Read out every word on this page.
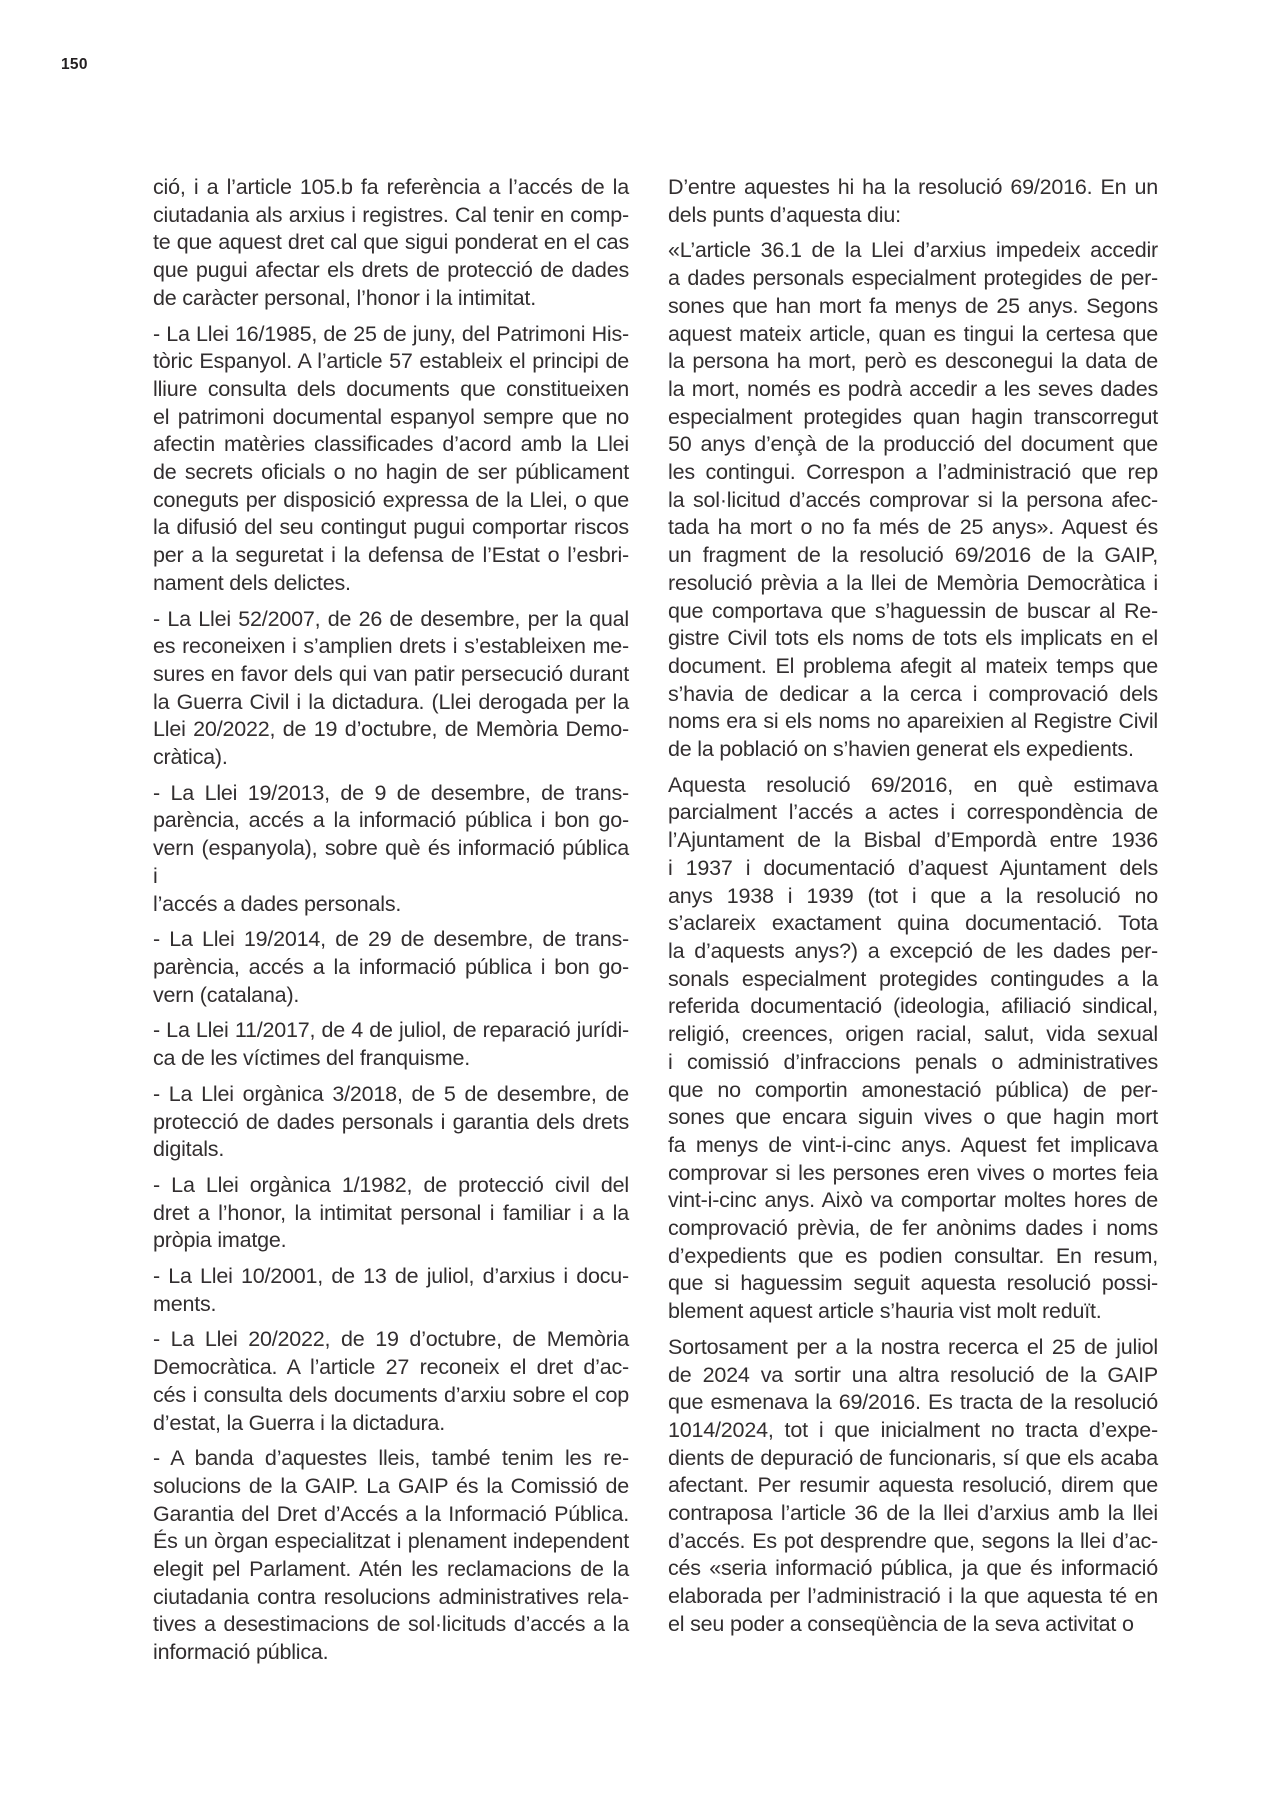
150
ció, i a l’article 105.b fa referència a l’accés de la
ciutadania als arxius i registres. Cal tenir en comp-
te que aquest dret cal que sigui ponderat en el cas
que pugui afectar els drets de protecció de dades
de caràcter personal, l’honor i la intimitat.
- La Llei 16/1985, de 25 de juny, del Patrimoni His-
tòric Espanyol. A l’article 57 estableix el principi de
lliure consulta dels documents que constitueixen
el patrimoni documental espanyol sempre que no
afectin matèries classificades d’acord amb la Llei
de secrets oficials o no hagin de ser públicament
coneguts per disposició expressa de la Llei, o que
la difusió del seu contingut pugui comportar riscos
per a la seguretat i la defensa de l’Estat o l’esbri-
nament dels delictes.
- La Llei 52/2007, de 26 de desembre, per la qual
es reconeixen i s’amplien drets i s’estableixen me-
sures en favor dels qui van patir persecució durant
la Guerra Civil i la dictadura. (Llei derogada per la
Llei 20/2022, de 19 d’octubre, de Memòria Demo-
cràtica).
- La Llei 19/2013, de 9 de desembre, de trans-
parència, accés a la informació pública i bon go-
vern (espanyola), sobre què és informació pública i
l’accés a dades personals.
- La Llei 19/2014, de 29 de desembre, de trans-
parència, accés a la informació pública i bon go-
vern (catalana).
- La Llei 11/2017, de 4 de juliol, de reparació jurídi-
ca de les víctimes del franquisme.
- La Llei orgànica 3/2018, de 5 de desembre, de
protecció de dades personals i garantia dels drets
digitals.
- La Llei orgànica 1/1982, de protecció civil del
dret a l’honor, la intimitat personal i familiar i a la
pròpia imatge.
- La Llei 10/2001, de 13 de juliol, d’arxius i docu-
ments.
- La Llei 20/2022, de 19 d’octubre, de Memòria
Democràtica. A l’article 27 reconeix el dret d’ac-
cés i consulta dels documents d’arxiu sobre el cop
d’estat, la Guerra i la dictadura.
- A banda d’aquestes lleis, també tenim les re-
solucions de la GAIP. La GAIP és la Comissió de
Garantia del Dret d’Accés a la Informació Pública.
És un òrgan especialitzat i plenament independent
elegit pel Parlament. Atén les reclamacions de la
ciutadania contra resolucions administratives rela-
tives a desestimacions de sol·licituds d’accés a la
informació pública.
D’entre aquestes hi ha la resolució 69/2016. En un
dels punts d’aquesta diu:
«L’article 36.1 de la Llei d’arxius impedeix accedir
a dades personals especialment protegides de per-
sones que han mort fa menys de 25 anys. Segons
aquest mateix article, quan es tingui la certesa que
la persona ha mort, però es desconegui la data de
la mort, només es podrà accedir a les seves dades
especialment protegides quan hagin transcorregut
50 anys d’ençà de la producció del document que
les contingui. Correspon a l’administració que rep
la sol·licitud d’accés comprovar si la persona afec-
tada ha mort o no fa més de 25 anys». Aquest és
un fragment de la resolució 69/2016 de la GAIP,
resolució prèvia a la llei de Memòria Democràtica i
que comportava que s’haguessin de buscar al Re-
gistre Civil tots els noms de tots els implicats en el
document. El problema afegit al mateix temps que
s’havia de dedicar a la cerca i comprovació dels
noms era si els noms no apareixien al Registre Civil
de la població on s’havien generat els expedients.
Aquesta resolució 69/2016, en què estimava
parcialment l’accés a actes i correspondència de
l’Ajuntament de la Bisbal d’Empordà entre 1936
i 1937 i documentació d’aquest Ajuntament dels
anys 1938 i 1939 (tot i que a la resolució no
s’aclareix exactament quina documentació. Tota
la d’aquests anys?) a excepció de les dades per-
sonals especialment protegides contingudes a la
referida documentació (ideologia, afiliació sindical,
religió, creences, origen racial, salut, vida sexual
i comissió d’infraccions penals o administratives
que no comportin amonestació pública) de per-
sones que encara siguin vives o que hagin mort
fa menys de vint-i-cinc anys. Aquest fet implicava
comprovar si les persones eren vives o mortes feia
vint-i-cinc anys. Això va comportar moltes hores de
comprovació prèvia, de fer anònims dades i noms
d’expedients que es podien consultar. En resum,
que si haguessim seguit aquesta resolució possi-
blement aquest article s’hauria vist molt reduït.
Sortosament per a la nostra recerca el 25 de juliol
de 2024 va sortir una altra resolució de la GAIP
que esmenava la 69/2016. Es tracta de la resolució
1014/2024, tot i que inicialment no tracta d’expe-
dients de depuració de funcionaris, sí que els acaba
afectant. Per resumir aquesta resolució, direm que
contraposa l’article 36 de la llei d’arxius amb la llei
d’accés. Es pot desprendre que, segons la llei d’ac-
cés «seria informació pública, ja que és informació
elaborada per l’administració i la que aquesta té en
el seu poder a conseqüència de la seva activitat o
